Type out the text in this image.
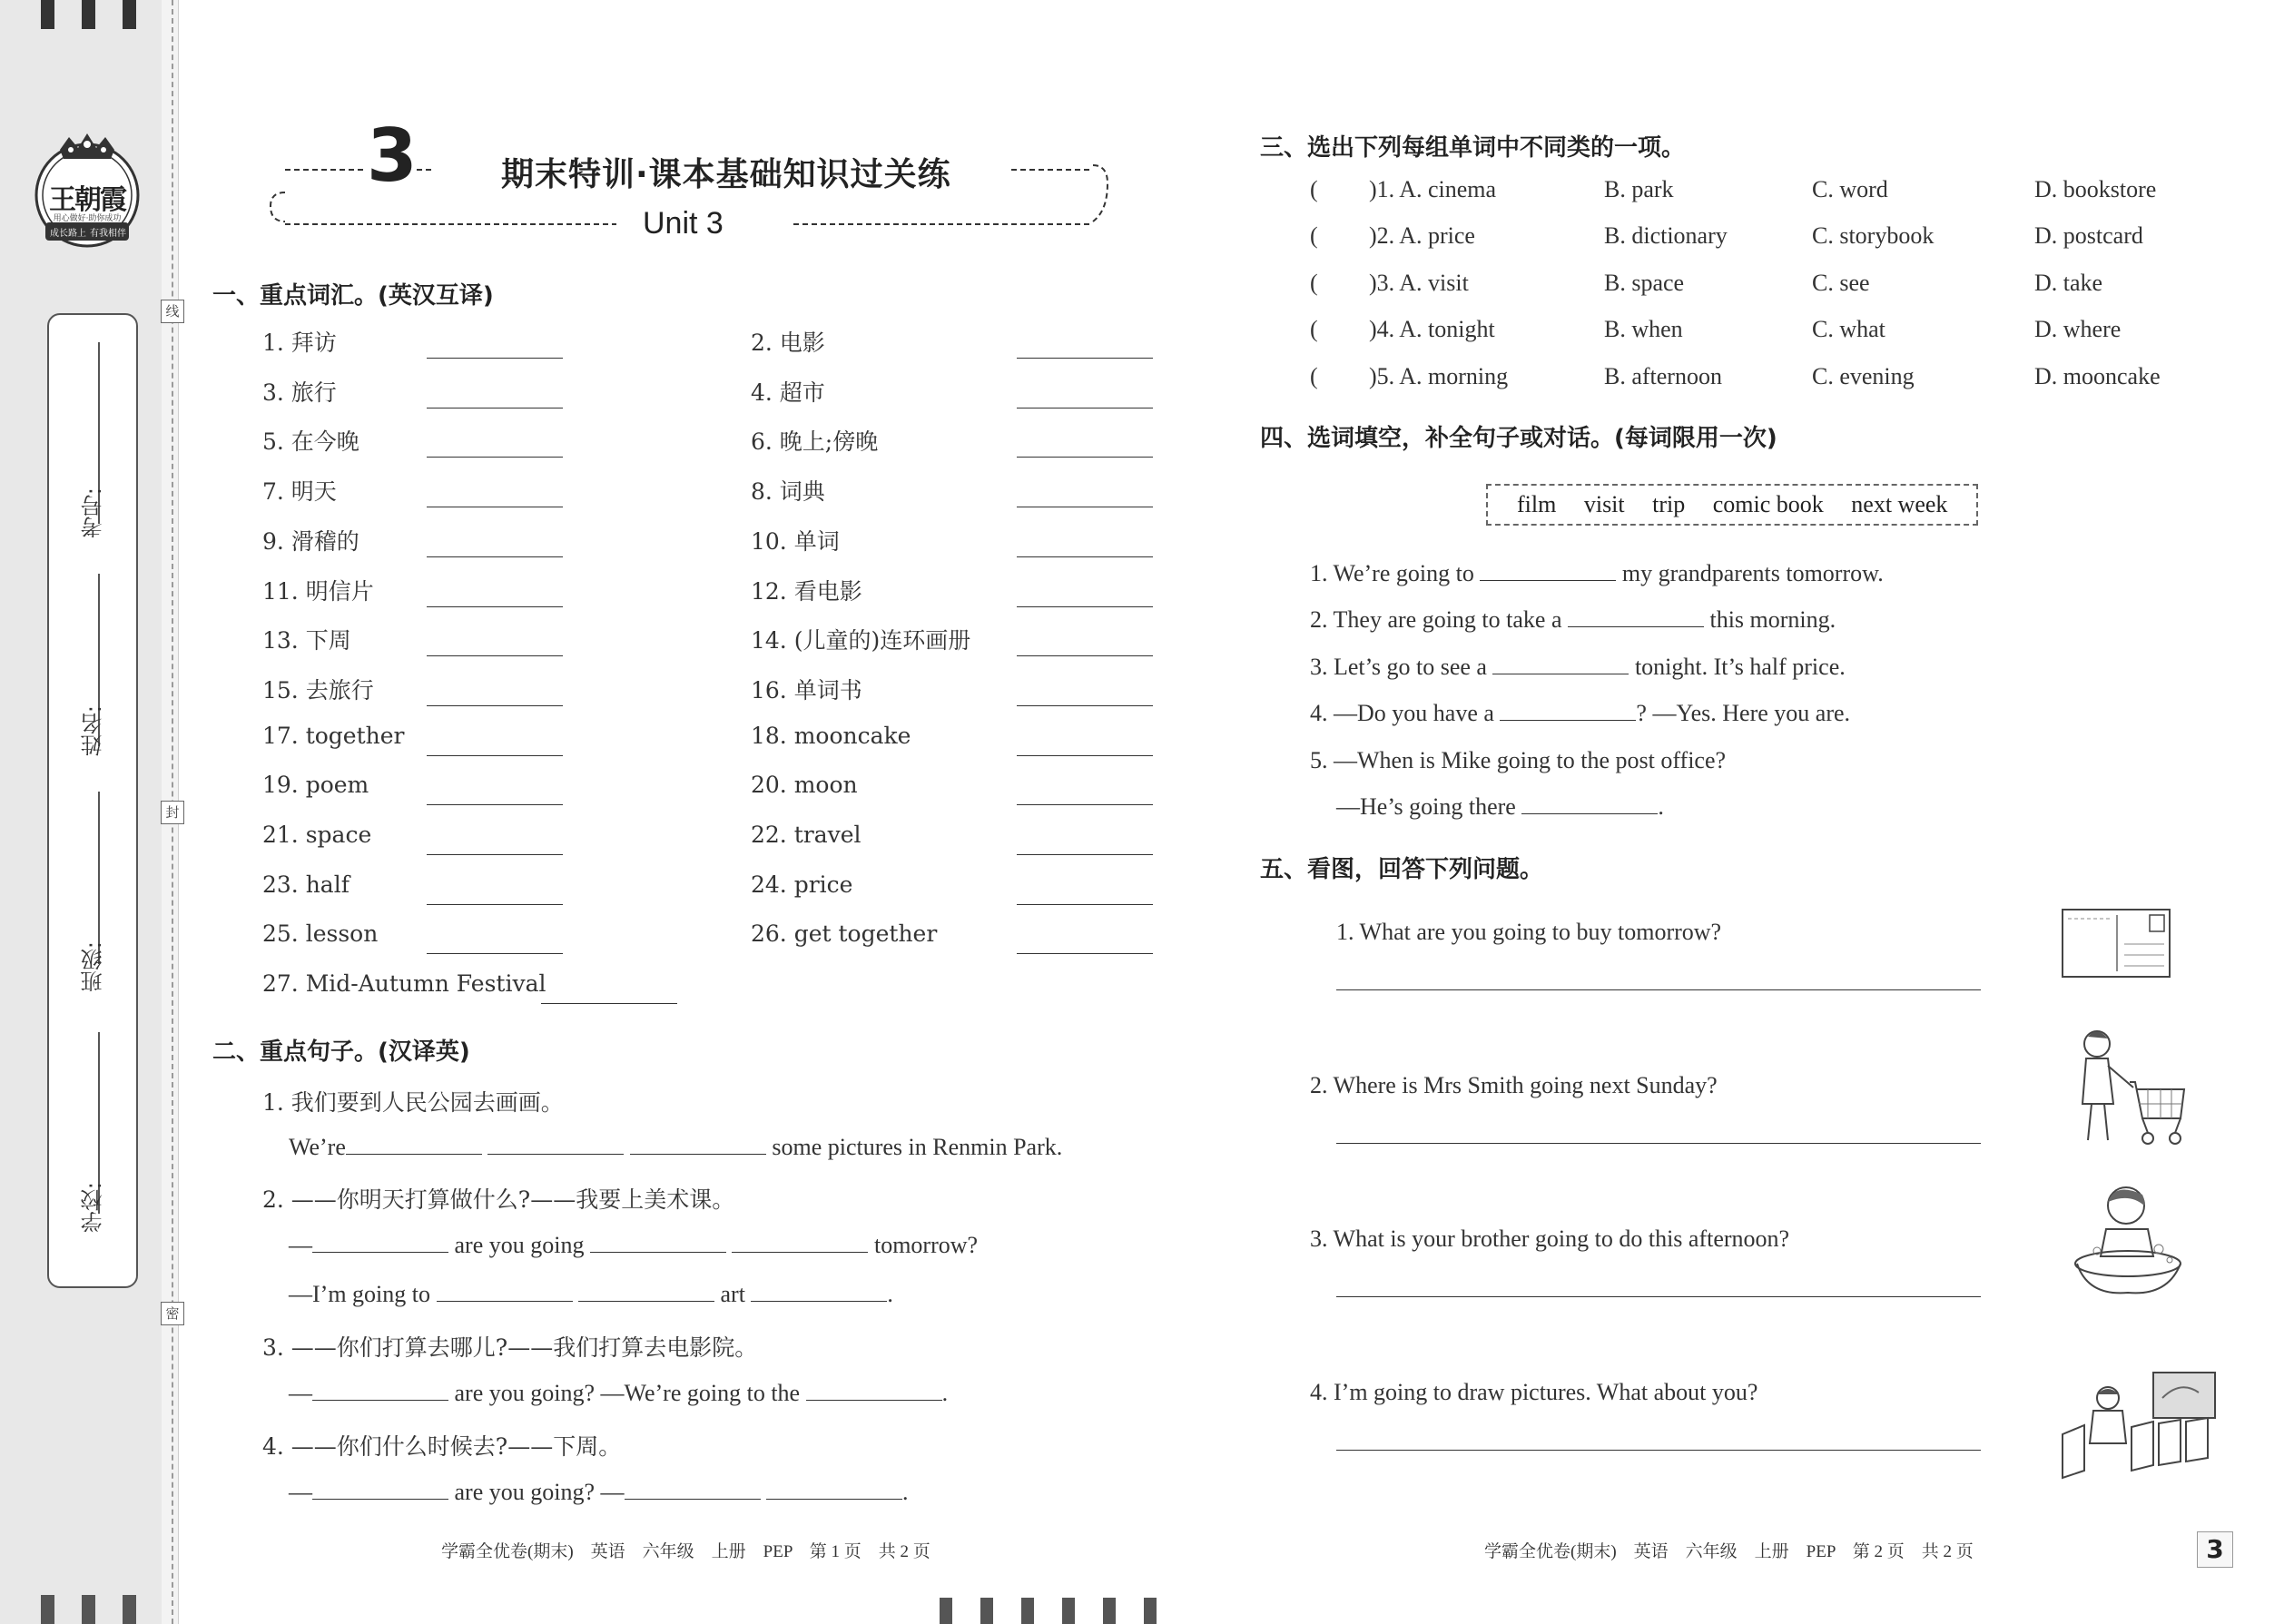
王朝霞
用心做好·助你成功
成长路上 有我相伴
考号:
姓名:
班级:
学校:
线
封
密
3	期末特训·课本基础知识过关练
Unit 3
一、重点词汇。(英汉互译)
1. 拜访	2. 电影
3. 旅行	4. 超市
5. 在今晚	6. 晚上;傍晚
7. 明天	8. 词典
9. 滑稽的	10. 单词
11. 明信片	12. 看电影
13. 下周	14. (儿童的)连环画册
15. 去旅行	16. 单词书
17. together	18. mooncake
19. poem	20. moon
21. space	22. travel
23. half	24. price
25. lesson	26. get together
27. Mid-Autumn Festival
二、重点句子。(汉译英)
1. 我们要到人民公园去画画。
We’re	some pictures in Renmin Park.
2. ——你明天打算做什么?——我要上美术课。
—	are you going	tomorrow?
—I’m going to	art	.
3. ——你们打算去哪儿?——我们打算去电影院。
—	are you going? —We’re going to the	.
4. ——你们什么时候去?——下周。
—	are you going? —	.
学霸全优卷(期末)　英语　六年级　上册　PEP　第 1 页　共 2 页
三、选出下列每组单词中不同类的一项。
( )1. A. cinema	B. park	C. word	D. bookstore
( )2. A. price	B. dictionary	C. storybook	D. postcard
( )3. A. visit	B. space	C. see	D. take
( )4. A. tonight	B. when	C. what	D. where
( )5. A. morning	B. afternoon	C. evening	D. mooncake
四、选词填空，补全句子或对话。(每词限用一次)
film visit trip comic book next week
1. We’re going to	my grandparents tomorrow.
2. They are going to take a	this morning.
3. Let’s go to see a	tonight. It’s half price.
4. —Do you have a	? —Yes. Here you are.
5. —When is Mike going to the post office?
—He’s going there	.
五、看图，回答下列问题。
1. What are you going to buy tomorrow?
2. Where is Mrs Smith going next Sunday?
3. What is your brother going to do this afternoon?
4. I’m going to draw pictures. What about you?
学霸全优卷(期末)　英语　六年级　上册　PEP　第 2 页　共 2 页	3
